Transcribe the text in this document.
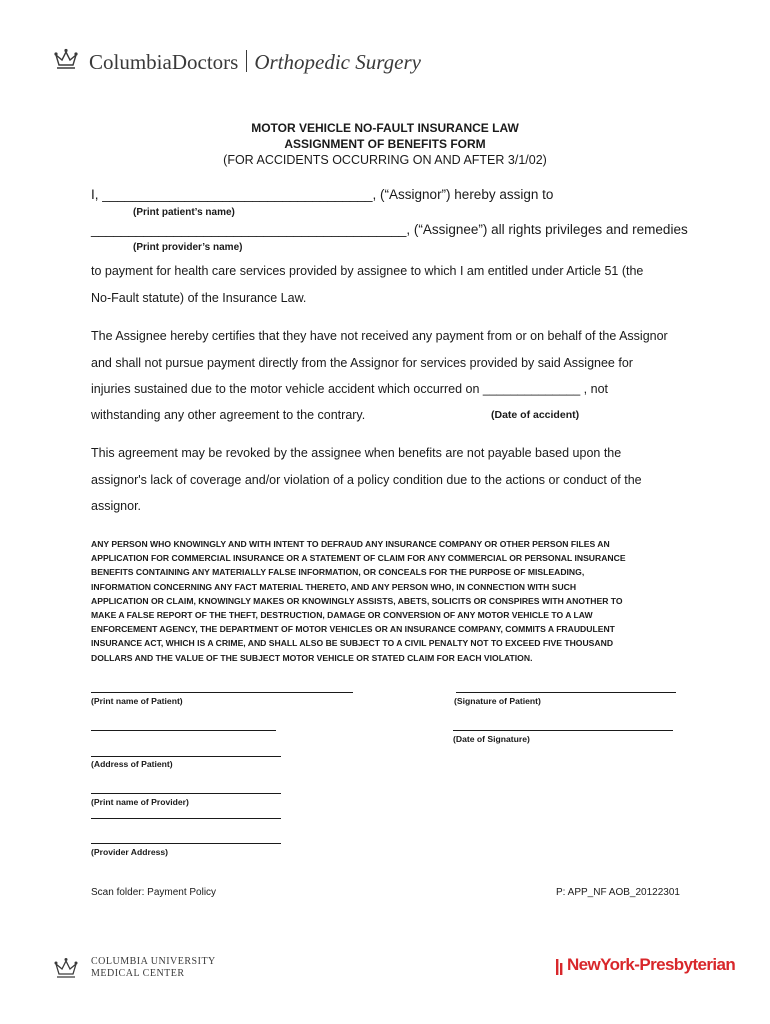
ColumbiaDoctors Orthopedic Surgery
MOTOR VEHICLE NO-FAULT INSURANCE LAW
ASSIGNMENT OF BENEFITS FORM
(FOR ACCIDENTS OCCURRING ON AND AFTER 3/1/02)
I, ____________________________________, (“Assignor”) hereby assign to
(Print patient’s name)
__________________________________________, (“Assignee”) all rights privileges and remedies
(Print provider’s name)
to payment for health care services provided by assignee to which I am entitled under Article 51 (the
No-Fault statute) of the Insurance Law.
The Assignee hereby certifies that they have not received any payment from or on behalf of the Assignor
and shall not pursue payment directly from the Assignor for services provided by said Assignee for
injuries sustained due to the motor vehicle accident which occurred on ______________ , not
withstanding any other agreement to the contrary.	(Date of accident)
This agreement may be revoked by the assignee when benefits are not payable based upon the
assignor's lack of coverage and/or violation of a policy condition due to the actions or conduct of the
assignor.
ANY PERSON WHO KNOWINGLY AND WITH INTENT TO DEFRAUD ANY INSURANCE COMPANY OR OTHER PERSON FILES AN
APPLICATION FOR COMMERCIAL INSURANCE OR A STATEMENT OF CLAIM FOR ANY COMMERCIAL OR PERSONAL INSURANCE
BENEFITS CONTAINING ANY MATERIALLY FALSE INFORMATION, OR CONCEALS FOR THE PURPOSE OF MISLEADING,
INFORMATION CONCERNING ANY FACT MATERIAL THERETO, AND ANY PERSON WHO, IN CONNECTION WITH SUCH
APPLICATION OR CLAIM, KNOWINGLY MAKES OR KNOWINGLY ASSISTS, ABETS, SOLICITS OR CONSPIRES WITH ANOTHER TO
MAKE A FALSE REPORT OF THE THEFT, DESTRUCTION, DAMAGE OR CONVERSION OF ANY MOTOR VEHICLE TO A LAW
ENFORCEMENT AGENCY, THE DEPARTMENT OF MOTOR VEHICLES OR AN INSURANCE COMPANY, COMMITS A FRAUDULENT
INSURANCE ACT, WHICH IS A CRIME, AND SHALL ALSO BE SUBJECT TO A CIVIL PENALTY NOT TO EXCEED FIVE THOUSAND
DOLLARS AND THE VALUE OF THE SUBJECT MOTOR VEHICLE OR STATED CLAIM FOR EACH VIOLATION.
(Print name of Patient)	(Signature of Patient)
(Date of Signature)
(Address of Patient)
(Print name of Provider)
(Provider Address)
Scan folder: Payment Policy	P: APP_NF AOB_20122301
COLUMBIA UNIVERSITY
MEDICAL CENTER	NewYork-Presbyterian
